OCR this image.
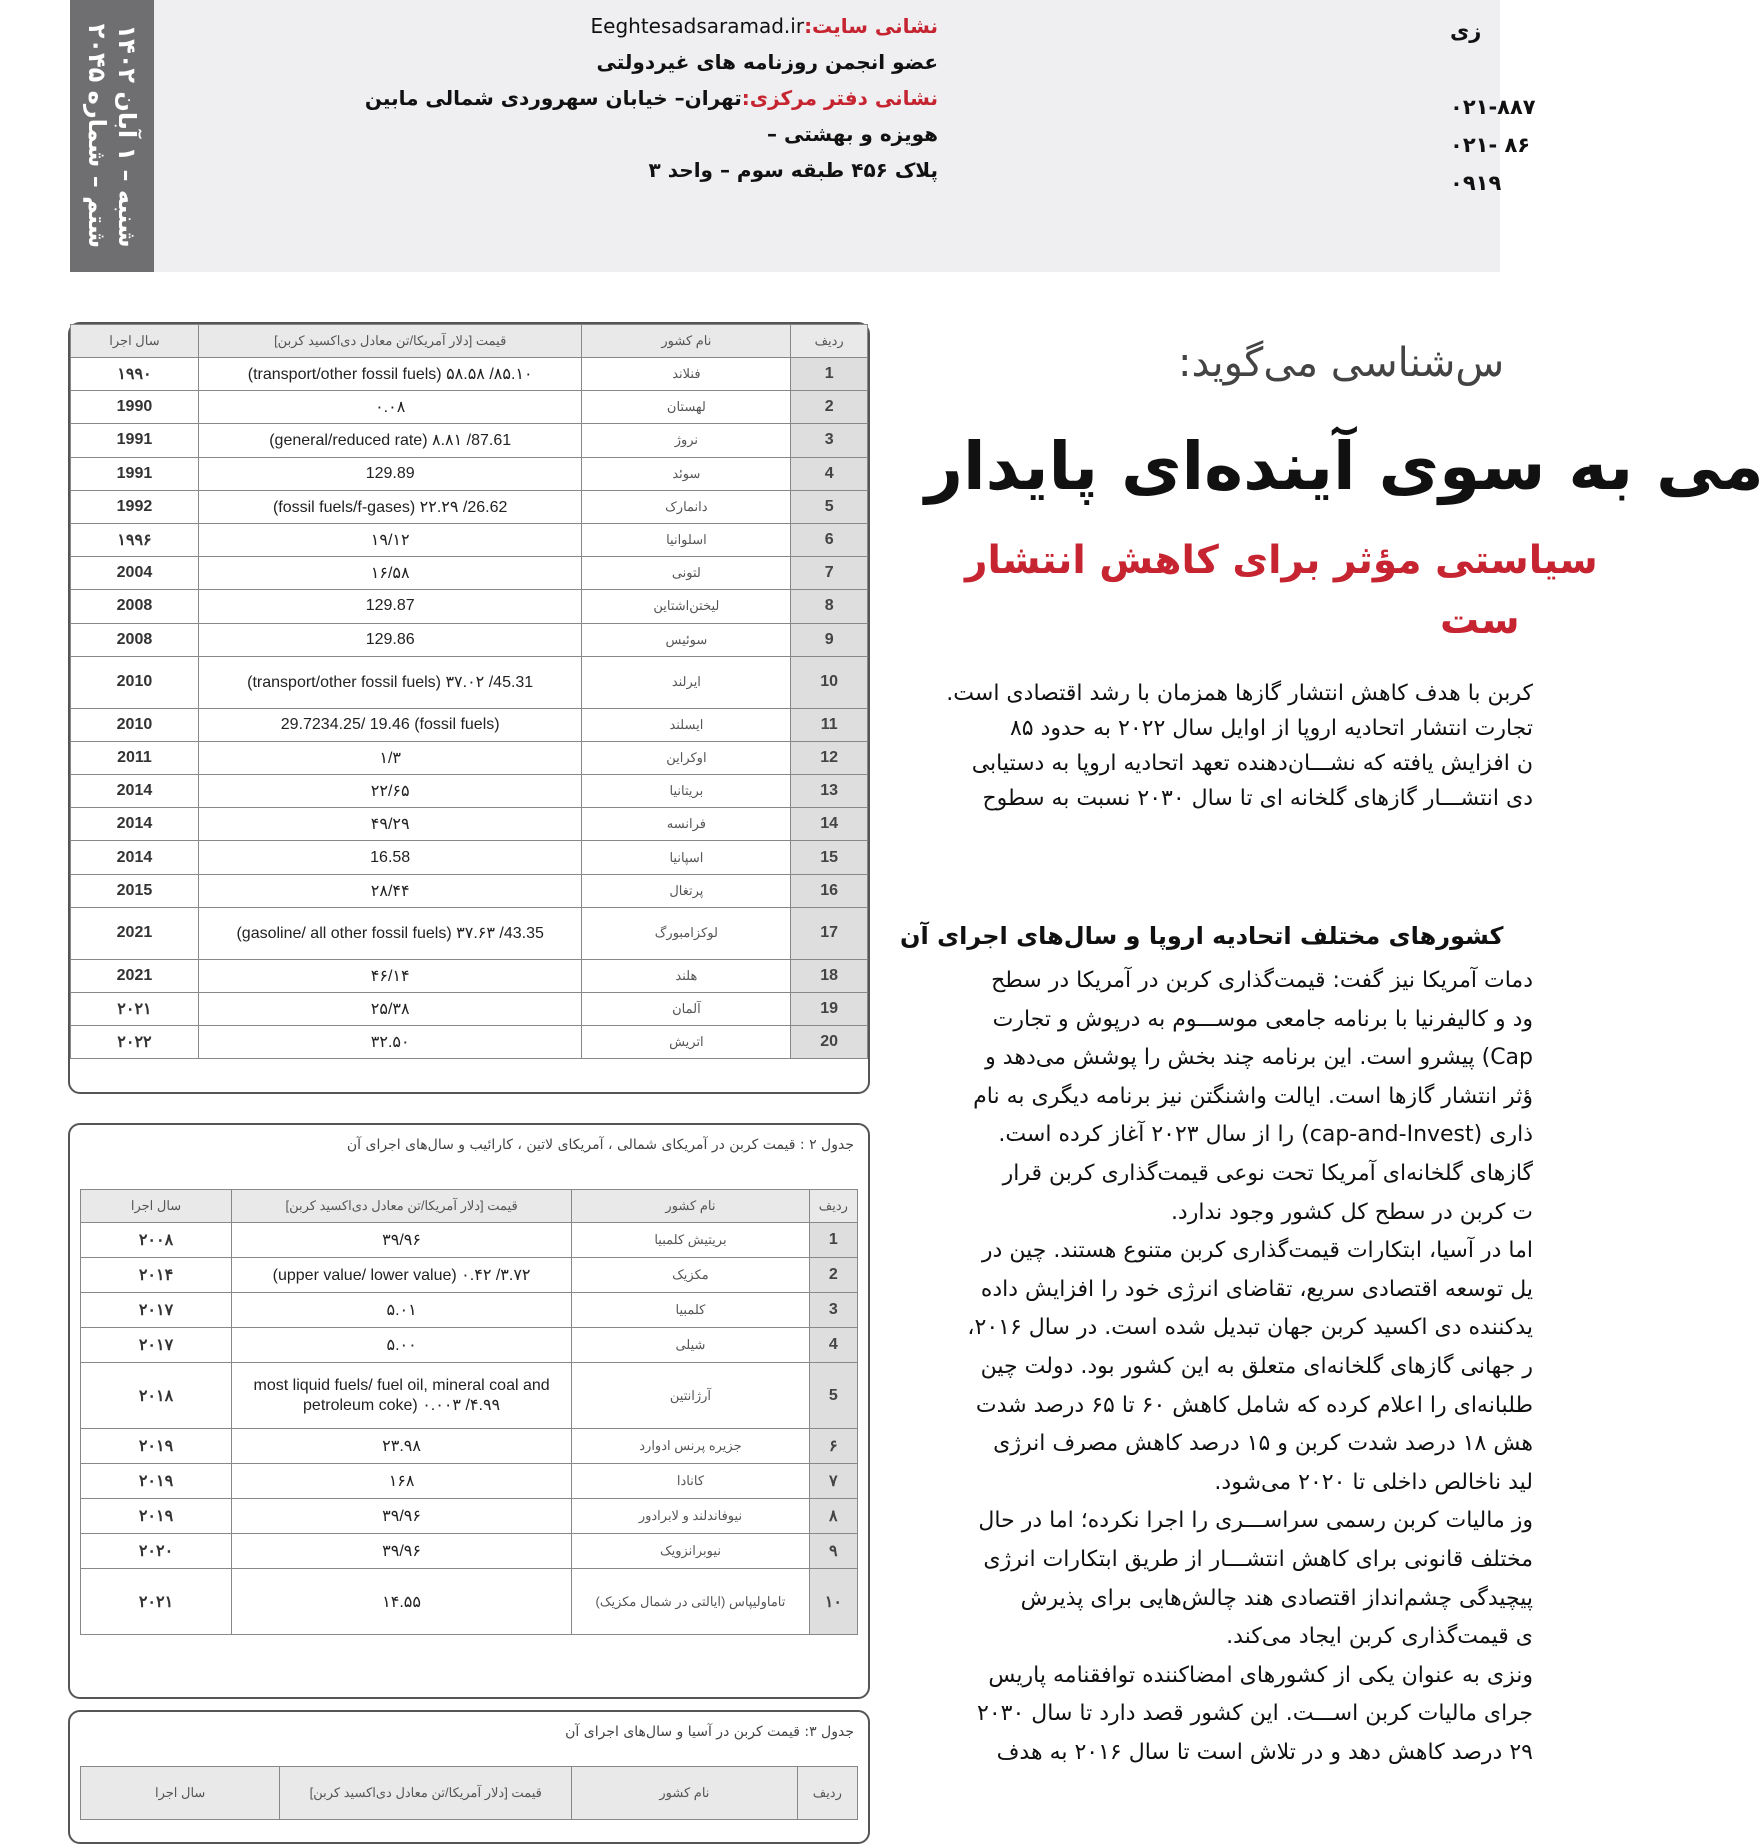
شنبه – ۱ آبان ۱۴۰۲
شتم – شماره ۲۰۴۵
نشانی سایت:Eeghtesadsaramad.ir
عضو انجمن روزنامه های غیردولتی
نشانی دفتر مرکزی:تهران– خیابان سهروردی شمالی مابین هویزه و بهشتی –
پلاک ۴۵۶ طبقه سوم – واحد ۳
زی
۰۲۱-۸۸۷
۰۲۱- ۸۶
۰۹۱۹
س‌شناسی می‌گوید:
می به سوی آینده‌ای پایدار
سیاستی مؤثر برای کاهش انتشار
ست
کربن با هدف کاهش انتشار گازها همزمان با رشد اقتصادی است.
تجارت انتشار اتحادیه اروپا از اوایل سال ۲۰۲۲ به حدود ۸۵
ن افزایش یافته که نشـــان‌دهنده تعهد اتحادیه اروپا به دستیابی
دی انتشـــار گازهای گلخانه ای تا سال ۲۰۳۰ نسبت به سطوح
کشورهای مختلف اتحادیه اروپا و سال‌های اجرای آن
دمات آمریکا نیز گفت: قیمت‌گذاری کربن در آمریکا در سطح
ود و کالیفرنیا با برنامه جامعی موســـوم به درپوش و تجارت
Cap) پیشرو است. این برنامه چند بخش را پوشش می‌دهد و
ؤثر انتشار گازها است. ایالت واشنگتن نیز برنامه دیگری به نام
ذاری (cap-and-Invest) را از سال ۲۰۲۳ آغاز کرده است.
گازهای گلخانه‌ای آمریکا تحت نوعی قیمت‌گذاری کربن قرار
ت کربن در سطح کل کشور وجود ندارد.
اما در آسیا، ابتکارات قیمت‌گذاری کربن متنوع هستند. چین در
یل توسعه اقتصادی سریع، تقاضای انرژی خود را افزایش داده
یدکننده دی اکسید کربن جهان تبدیل شده است. در سال ۲۰۱۶،
ر جهانی گازهای گلخانه‌ای متعلق به این کشور بود. دولت چین
طلبانه‌ای را اعلام کرده که شامل کاهش ۶۰ تا ۶۵ درصد شدت
هش ۱۸ درصد شدت کربن و ۱۵ درصد کاهش مصرف انرژی
لید ناخالص داخلی تا ۲۰۲۰ می‌شود.
وز مالیات کربن رسمی سراســـری را اجرا نکرده؛ اما در حال
مختلف قانونی برای کاهش انتشـــار از طریق ابتکارات انرژی
پیچیدگی چشم‌انداز اقتصادی هند چالش‌هایی برای پذیرش
ی قیمت‌گذاری کربن ایجاد می‌کند.
ونزی به عنوان یکی از کشورهای امضاکننده توافقنامه پاریس
جرای مالیات کربن اســـت. این کشور قصد دارد تا سال ۲۰۳۰
۲۹ درصد کاهش دهد و در تلاش است تا سال ۲۰۱۶ به هدف
ردیف	نام کشور	قیمت [دلار آمریکا/تن معادل دی‌اکسید کربن]	سال اجرا
1	فنلاند	(transport/other fossil fuels) ۵۸.۵۸ /۸۵.۱۰	۱۹۹۰
2	لهستان	۰.۰۸	1990
3	نروژ	(general/reduced rate) ۸.۸۱ /87.61	1991
4	سوئد	129.89	1991
5	دانمارک	(fossil fuels/f-gases) ۲۲.۲۹ /26.62	1992
6	اسلوانیا	۱۹/۱۲	۱۹۹۶
7	لتونی	۱۶/۵۸	2004
8	لیختن‌اشتاین	129.87	2008
9	سوئیس	129.86	2008
10	ایرلند	(transport/other fossil fuels) ۳۷.۰۲ /45.31	2010
11	ایسلند	29.7234.25/ 19.46 (fossil fuels)	2010
12	اوکراین	۱/۳	2011
13	بریتانیا	۲۲/۶۵	2014
14	فرانسه	۴۹/۲۹	2014
15	اسپانیا	16.58	2014
16	پرتغال	۲۸/۴۴	2015
17	لوکزامبورگ	(gasoline/ all other fossil fuels) ۳۷.۶۳ /43.35	2021
18	هلند	۴۶/۱۴	2021
19	آلمان	۲۵/۳۸	۲۰۲۱
20	اتریش	۳۲.۵۰	۲۰۲۲
جدول ۲ : قیمت کربن در آمریکای شمالی ، آمریکای لاتین ، کارائیب و سال‌های اجرای آن
ردیف	نام کشور	قیمت [دلار آمریکا/تن معادل دی‌اکسید کربن]	سال اجرا
1	بریتیش کلمبیا	۳۹/۹۶	۲۰۰۸
2	مکزیک	(upper value/ lower value) ۰.۴۲ /۳.۷۲	۲۰۱۴
3	کلمبیا	۵.۰۱	۲۰۱۷
4	شیلی	۵.۰۰	۲۰۱۷
5	آرژانتین	most liquid fuels/ fuel oil, mineral coal and petroleum coke) ۰.۰۰۳ /۴.۹۹	۲۰۱۸
۶	جزیره پرنس ادوارد	۲۳.۹۸	۲۰۱۹
۷	کانادا	۱۶۸	۲۰۱۹
۸	نیوفاندلند و لابرادور	۳۹/۹۶	۲۰۱۹
۹	نیوبرانزویک	۳۹/۹۶	۲۰۲۰
۱۰	تاماولیپاس (ایالتی در شمال مکزیک)	۱۴.۵۵	۲۰۲۱
جدول ۳: قیمت کربن در آسیا و سال‌های اجرای آن
ردیف	نام کشور	قیمت [دلار آمریکا/تن معادل دی‌اکسید کربن]	سال اجرا
